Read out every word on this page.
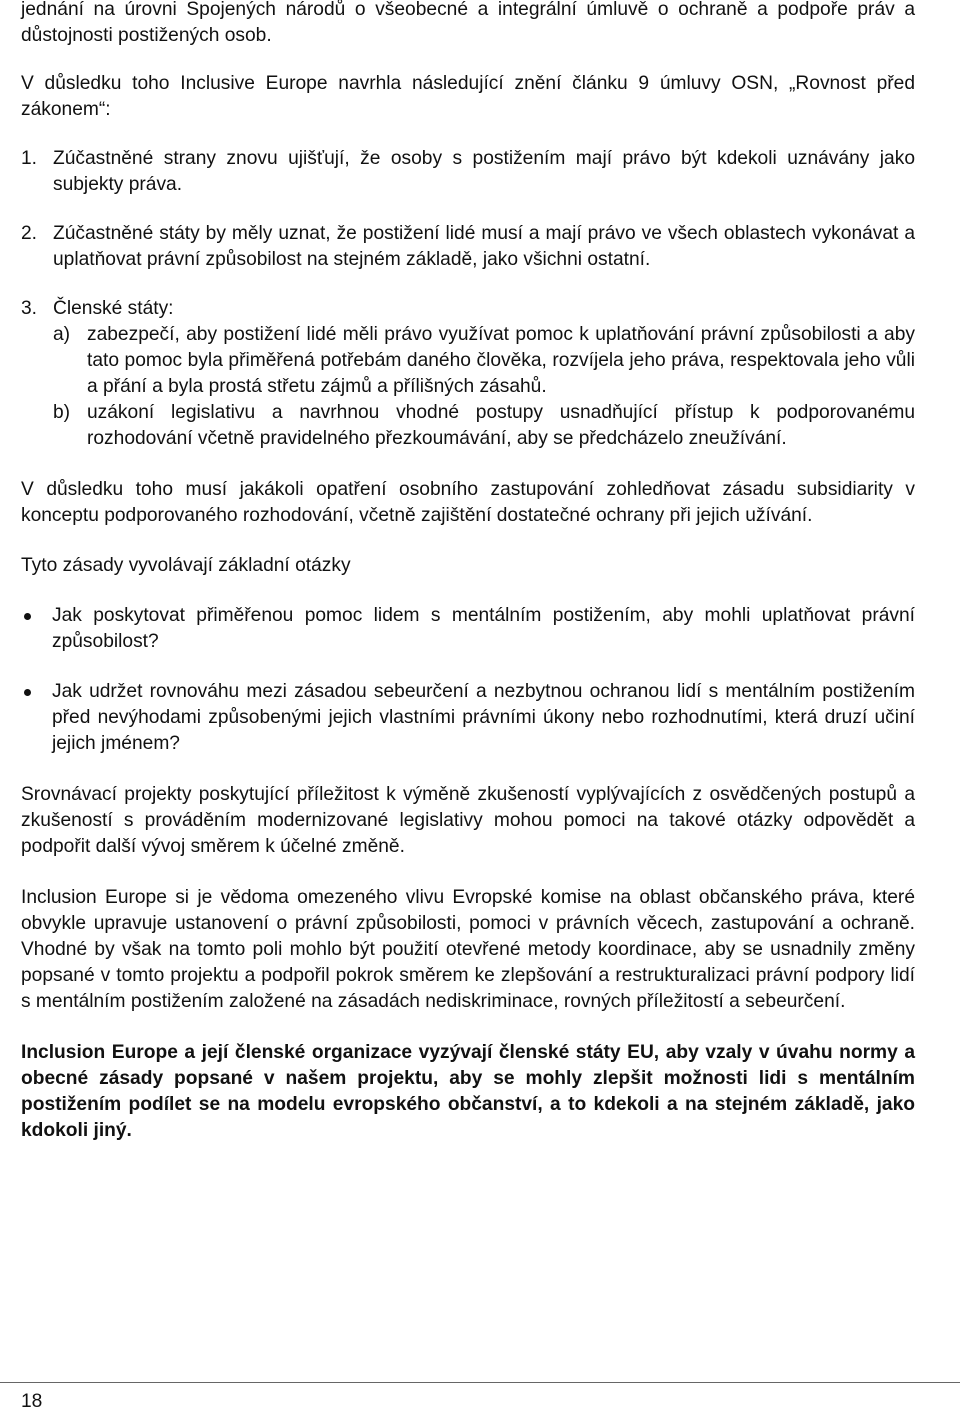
jednání na úrovni Spojených národů o všeobecné a integrální úmluvě o ochraně a podpoře práv a důstojnosti postižených osob.

V důsledku toho Inclusive Europe navrhla následující znění článku 9 úmluvy OSN, „Rovnost před zákonem“:

1. Zúčastněné strany znovu ujišťují, že osoby s postižením mají právo být kdekoli uznávány jako subjekty práva.

2. Zúčastněné státy by měly uznat, že postižení lidé musí a mají právo ve všech oblastech vykonávat a uplatňovat právní způsobilost na stejném základě, jako všichni ostatní.

3. Členské státy:

a) zabezpečí, aby postižení lidé měli právo využívat pomoc k uplatňování právní způsobilosti a aby tato pomoc byla přiměřená potřebám daného člověka, rozvíjela jeho práva, respektovala jeho vůli a přání a byla prostá střetu zájmů a přílišných zásahů.

b) uzákoní legislativu a navrhnou vhodné postupy usnadňující přístup k podporovanému rozhodování včetně pravidelného přezkoumávání, aby se předcházelo zneužívání.

V důsledku toho musí jakákoli opatření osobního zastupování zohledňovat zásadu subsidiarity v konceptu podporovaného rozhodování, včetně zajištění dostatečné ochrany při jejich užívání.

Tyto zásady vyvolávají základní otázky

Jak poskytovat přiměřenou pomoc lidem s mentálním postižením, aby mohli uplatňovat právní způsobilost?

Jak udržet rovnováhu mezi zásadou sebeurčení a nezbytnou ochranou lidí s mentálním postižením před nevýhodami způsobenými jejich vlastními právními úkony nebo rozhodnutími, která druzí učiní jejich jménem?

Srovnávací projekty poskytující příležitost k výměně zkušeností vyplývajících z osvědčených postupů a zkušeností s prováděním modernizované legislativy mohou pomoci na takové otázky odpovědět a podpořit další vývoj směrem k účelné změně.

Inclusion Europe si je vědoma omezeného vlivu Evropské komise na oblast občanského práva, které obvykle upravuje ustanovení o právní způsobilosti, pomoci v právních věcech, zastupování a ochraně. Vhodné by však na tomto poli mohlo být použití otevřené metody koordinace, aby se usnadnily změny popsané v tomto projektu a podpořil pokrok směrem ke zlepšování a restrukturalizaci právní podpory lidí s mentálním postižením založené na zásadách nediskriminace, rovných příležitostí a sebeurčení.

Inclusion Europe a její členské organizace vyzývají členské státy EU, aby vzaly v úvahu normy a obecné zásady popsané v našem projektu, aby se mohly zlepšit možnosti lidi s mentálním postižením podílet se na modelu evropského občanství, a to kdekoli a na stejném základě, jako kdokoli jiný.

18
